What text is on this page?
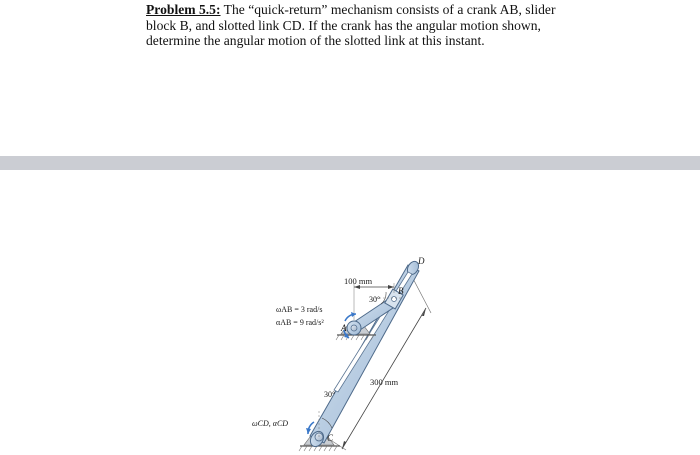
Problem 5.5: The “quick-return” mechanism consists of a crank AB, slider
block B, and slotted link CD. If the crank has the angular motion shown,
determine the angular motion of the slotted link at this instant.
D
B
A
C
100 mm
30°
30°
300 mm
ωAB = 3 rad/s
αAB = 9 rad/s²
ωCD, αCD
